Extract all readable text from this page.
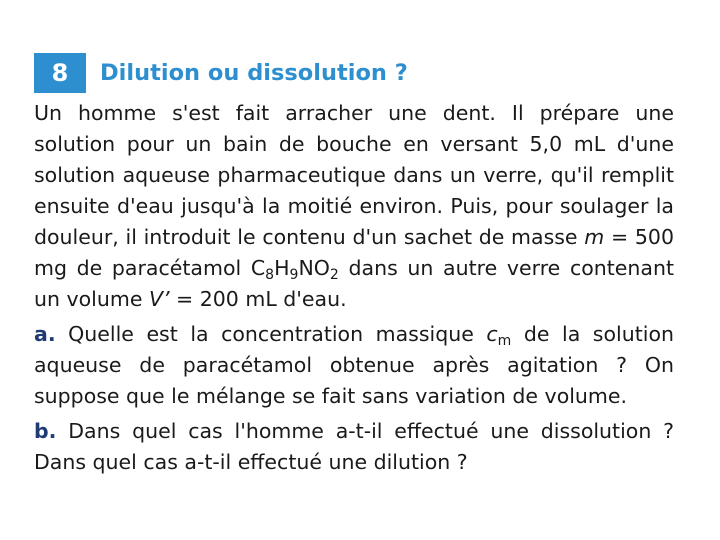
8	Dilution ou dissolution ?

Un homme s'est fait arracher une dent. Il prépare une solution pour un bain de bouche en versant 5,0 mL d'une solution aqueuse pharmaceutique dans un verre, qu'il remplit ensuite d'eau jusqu'à la moitié environ. Puis, pour soulager la douleur, il introduit le contenu d'un sachet de masse m = 500 mg de paracétamol $C_8H_9NO_2$ dans un autre verre contenant un volume V’ = 200 mL d'eau.

a. Quelle est la concentration massique $c_m$ de la solution aqueuse de paracétamol obtenue après agitation ? On suppose que le mélange se fait sans variation de volume.

b. Dans quel cas l'homme a-t-il effectué une dissolution ? Dans quel cas a-t-il effectué une dilution ?
